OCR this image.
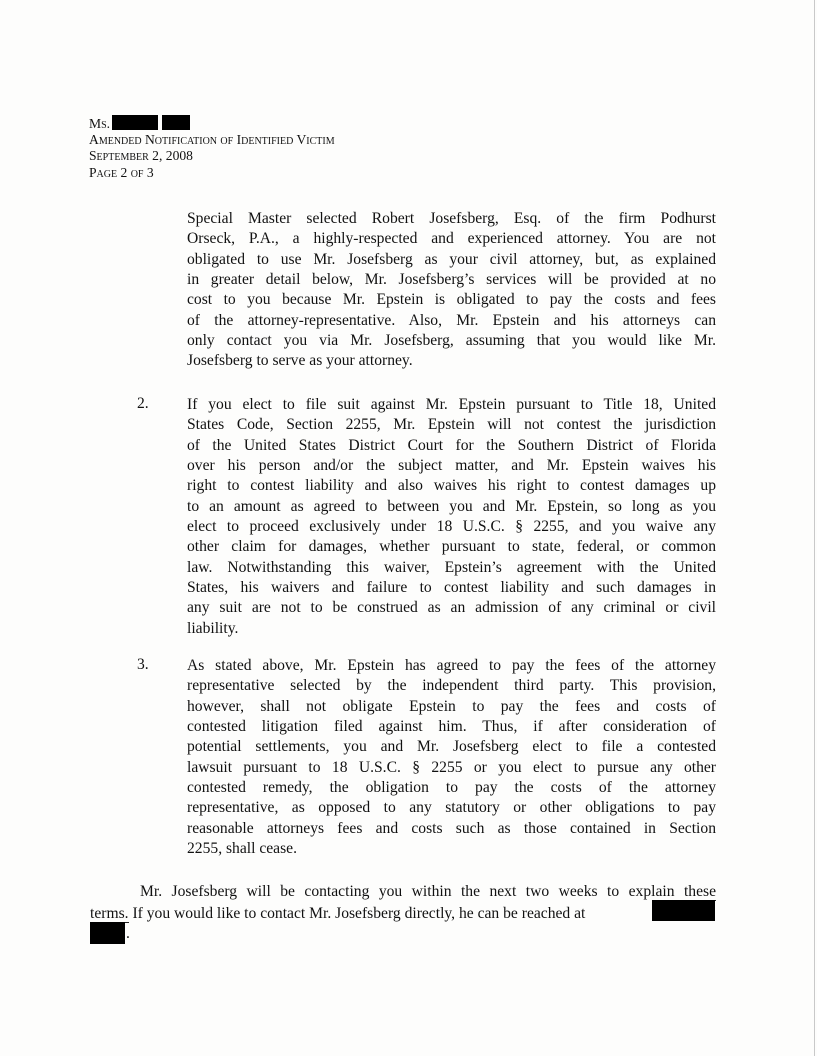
Ms.
Amended Notification of Identified Victim
September 2, 2008
Page 2 of 3
Special Master selected Robert Josefsberg, Esq. of the firm Podhurst
Orseck, P.A., a highly-respected and experienced attorney. You are not
obligated to use Mr. Josefsberg as your civil attorney, but, as explained
in greater detail below, Mr. Josefsberg’s services will be provided at no
cost to you because Mr. Epstein is obligated to pay the costs and fees
of the attorney-representative. Also, Mr. Epstein and his attorneys can
only contact you via Mr. Josefsberg, assuming that you would like Mr.
Josefsberg to serve as your attorney.
2. If you elect to file suit against Mr. Epstein pursuant to Title 18, United
States Code, Section 2255, Mr. Epstein will not contest the jurisdiction
of the United States District Court for the Southern District of Florida
over his person and/or the subject matter, and Mr. Epstein waives his
right to contest liability and also waives his right to contest damages up
to an amount as agreed to between you and Mr. Epstein, so long as you
elect to proceed exclusively under 18 U.S.C. § 2255, and you waive any
other claim for damages, whether pursuant to state, federal, or common
law. Notwithstanding this waiver, Epstein’s agreement with the United
States, his waivers and failure to contest liability and such damages in
any suit are not to be construed as an admission of any criminal or civil
liability.
3. As stated above, Mr. Epstein has agreed to pay the fees of the attorney
representative selected by the independent third party. This provision,
however, shall not obligate Epstein to pay the fees and costs of
contested litigation filed against him. Thus, if after consideration of
potential settlements, you and Mr. Josefsberg elect to file a contested
lawsuit pursuant to 18 U.S.C. § 2255 or you elect to pursue any other
contested remedy, the obligation to pay the costs of the attorney
representative, as opposed to any statutory or other obligations to pay
reasonable attorneys fees and costs such as those contained in Section
2255, shall cease.
Mr. Josefsberg will be contacting you within the next two weeks to explain these
terms. If you would like to contact Mr. Josefsberg directly, he can be reached at
.
